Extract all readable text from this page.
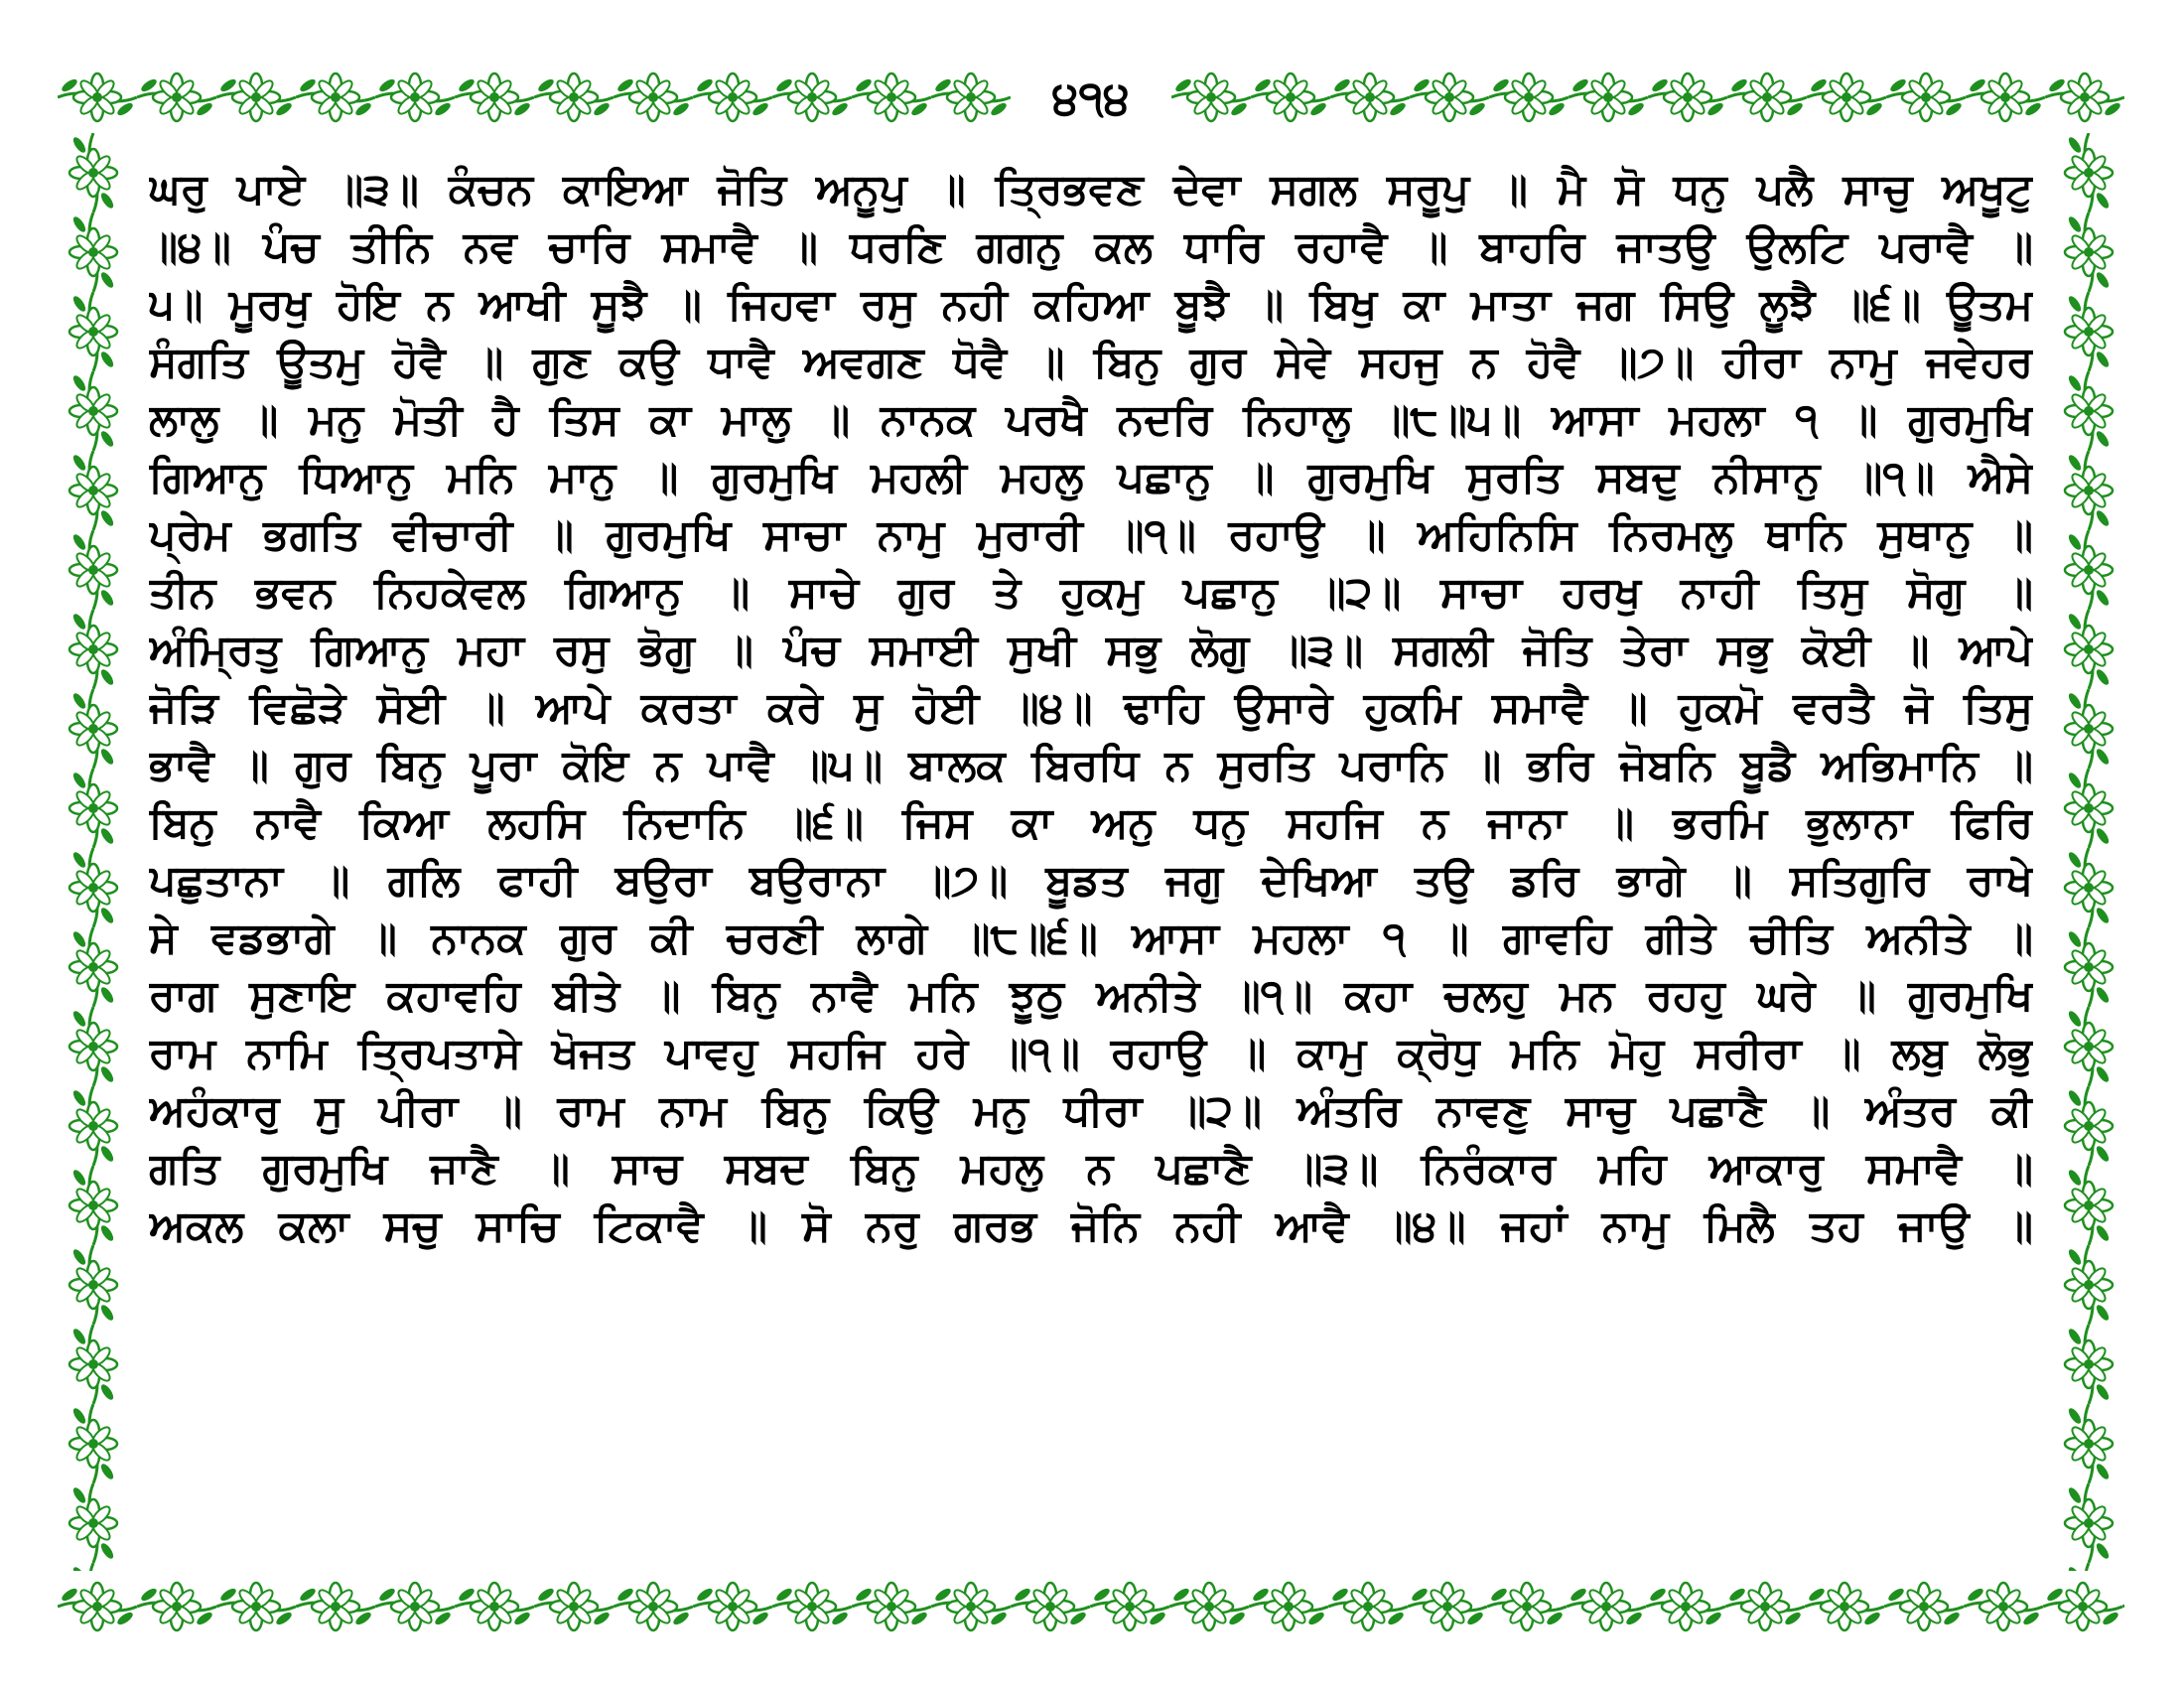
੪੧੪

ਘਰੁ ਪਾਏ ॥੩॥ ਕੰਚਨ ਕਾਇਆ ਜੋਤਿ ਅਨੂਪੁ ॥ ਤ੍ਰਿਭਵਣ ਦੇਵਾ ਸਗਲ ਸਰੂਪੁ ॥ ਮੈ ਸੋ ਧਨੁ ਪਲੈ ਸਾਚੁ ਅਖੂਟੁ

॥੪॥ ਪੰਚ ਤੀਨਿ ਨਵ ਚਾਰਿ ਸਮਾਵੈ ॥ ਧਰਣਿ ਗਗਨੁ ਕਲ ਧਾਰਿ ਰਹਾਵੈ ॥ ਬਾਹਰਿ ਜਾਤਉ ਉਲਟਿ ਪਰਾਵੈ ॥

੫॥ ਮੂਰਖੁ ਹੋਇ ਨ ਆਖੀ ਸੂਝੈ ॥ ਜਿਹਵਾ ਰਸੁ ਨਹੀ ਕਹਿਆ ਬੂਝੈ ॥ ਬਿਖੁ ਕਾ ਮਾਤਾ ਜਗ ਸਿਉ ਲੂਝੈ ॥੬॥ ਊਤਮ

ਸੰਗਤਿ ਊਤਮੁ ਹੋਵੈ ॥ ਗੁਣ ਕਉ ਧਾਵੈ ਅਵਗਣ ਧੋਵੈ ॥ ਬਿਨੁ ਗੁਰ ਸੇਵੇ ਸਹਜੁ ਨ ਹੋਵੈ ॥੭॥ ਹੀਰਾ ਨਾਮੁ ਜਵੇਹਰ

ਲਾਲੁ ॥ ਮਨੁ ਮੋਤੀ ਹੈ ਤਿਸ ਕਾ ਮਾਲੁ ॥ ਨਾਨਕ ਪਰਖੈ ਨਦਰਿ ਨਿਹਾਲੁ ॥੮॥੫॥ ਆਸਾ ਮਹਲਾ ੧ ॥ ਗੁਰਮੁਖਿ

ਗਿਆਨੁ ਧਿਆਨੁ ਮਨਿ ਮਾਨੁ ॥ ਗੁਰਮੁਖਿ ਮਹਲੀ ਮਹਲੁ ਪਛਾਨੁ ॥ ਗੁਰਮੁਖਿ ਸੁਰਤਿ ਸਬਦੁ ਨੀਸਾਨੁ ॥੧॥ ਐਸੇ

ਪ੍ਰੇਮ ਭਗਤਿ ਵੀਚਾਰੀ ॥ ਗੁਰਮੁਖਿ ਸਾਚਾ ਨਾਮੁ ਮੁਰਾਰੀ ॥੧॥ ਰਹਾਉ ॥ ਅਹਿਨਿਸਿ ਨਿਰਮਲੁ ਥਾਨਿ ਸੁਥਾਨੁ ॥

ਤੀਨ ਭਵਨ ਨਿਹਕੇਵਲ ਗਿਆਨੁ ॥ ਸਾਚੇ ਗੁਰ ਤੇ ਹੁਕਮੁ ਪਛਾਨੁ ॥੨॥ ਸਾਚਾ ਹਰਖੁ ਨਾਹੀ ਤਿਸੁ ਸੋਗੁ ॥

ਅੰਮ੍ਰਿਤੁ ਗਿਆਨੁ ਮਹਾ ਰਸੁ ਭੋਗੁ ॥ ਪੰਚ ਸਮਾਈ ਸੁਖੀ ਸਭੁ ਲੋਗੁ ॥੩॥ ਸਗਲੀ ਜੋਤਿ ਤੇਰਾ ਸਭੁ ਕੋਈ ॥ ਆਪੇ

ਜੋੜਿ ਵਿਛੋੜੇ ਸੋਈ ॥ ਆਪੇ ਕਰਤਾ ਕਰੇ ਸੁ ਹੋਈ ॥੪॥ ਢਾਹਿ ਉਸਾਰੇ ਹੁਕਮਿ ਸਮਾਵੈ ॥ ਹੁਕਮੋ ਵਰਤੈ ਜੋ ਤਿਸੁ

ਭਾਵੈ ॥ ਗੁਰ ਬਿਨੁ ਪੂਰਾ ਕੋਇ ਨ ਪਾਵੈ ॥੫॥ ਬਾਲਕ ਬਿਰਧਿ ਨ ਸੁਰਤਿ ਪਰਾਨਿ ॥ ਭਰਿ ਜੋਬਨਿ ਬੂਡੈ ਅਭਿਮਾਨਿ ॥

ਬਿਨੁ ਨਾਵੈ ਕਿਆ ਲਹਸਿ ਨਿਦਾਨਿ ॥੬॥ ਜਿਸ ਕਾ ਅਨੁ ਧਨੁ ਸਹਜਿ ਨ ਜਾਨਾ ॥ ਭਰਮਿ ਭੁਲਾਨਾ ਫਿਰਿ

ਪਛੁਤਾਨਾ ॥ ਗਲਿ ਫਾਹੀ ਬਉਰਾ ਬਉਰਾਨਾ ॥੭॥ ਬੂਡਤ ਜਗੁ ਦੇਖਿਆ ਤਉ ਡਰਿ ਭਾਗੇ ॥ ਸਤਿਗੁਰਿ ਰਾਖੇ

ਸੇ ਵਡਭਾਗੇ ॥ ਨਾਨਕ ਗੁਰ ਕੀ ਚਰਣੀ ਲਾਗੇ ॥੮॥੬॥ ਆਸਾ ਮਹਲਾ ੧ ॥ ਗਾਵਹਿ ਗੀਤੇ ਚੀਤਿ ਅਨੀਤੇ ॥

ਰਾਗ ਸੁਣਾਇ ਕਹਾਵਹਿ ਬੀਤੇ ॥ ਬਿਨੁ ਨਾਵੈ ਮਨਿ ਝੂਠੁ ਅਨੀਤੇ ॥੧॥ ਕਹਾ ਚਲਹੁ ਮਨ ਰਹਹੁ ਘਰੇ ॥ ਗੁਰਮੁਖਿ

ਰਾਮ ਨਾਮਿ ਤ੍ਰਿਪਤਾਸੇ ਖੋਜਤ ਪਾਵਹੁ ਸਹਜਿ ਹਰੇ ॥੧॥ ਰਹਾਉ ॥ ਕਾਮੁ ਕ੍ਰੋਧੁ ਮਨਿ ਮੋਹੁ ਸਰੀਰਾ ॥ ਲਬੁ ਲੋਭੁ

ਅਹੰਕਾਰੁ ਸੁ ਪੀਰਾ ॥ ਰਾਮ ਨਾਮ ਬਿਨੁ ਕਿਉ ਮਨੁ ਧੀਰਾ ॥੨॥ ਅੰਤਰਿ ਨਾਵਣੁ ਸਾਚੁ ਪਛਾਣੈ ॥ ਅੰਤਰ ਕੀ

ਗਤਿ ਗੁਰਮੁਖਿ ਜਾਣੈ ॥ ਸਾਚ ਸਬਦ ਬਿਨੁ ਮਹਲੁ ਨ ਪਛਾਣੈ ॥੩॥ ਨਿਰੰਕਾਰ ਮਹਿ ਆਕਾਰੁ ਸਮਾਵੈ ॥

ਅਕਲ ਕਲਾ ਸਚੁ ਸਾਚਿ ਟਿਕਾਵੈ ॥ ਸੋ ਨਰੁ ਗਰਭ ਜੋਨਿ ਨਹੀ ਆਵੈ ॥੪॥ ਜਹਾਂ ਨਾਮੁ ਮਿਲੈ ਤਹ ਜਾਉ ॥
